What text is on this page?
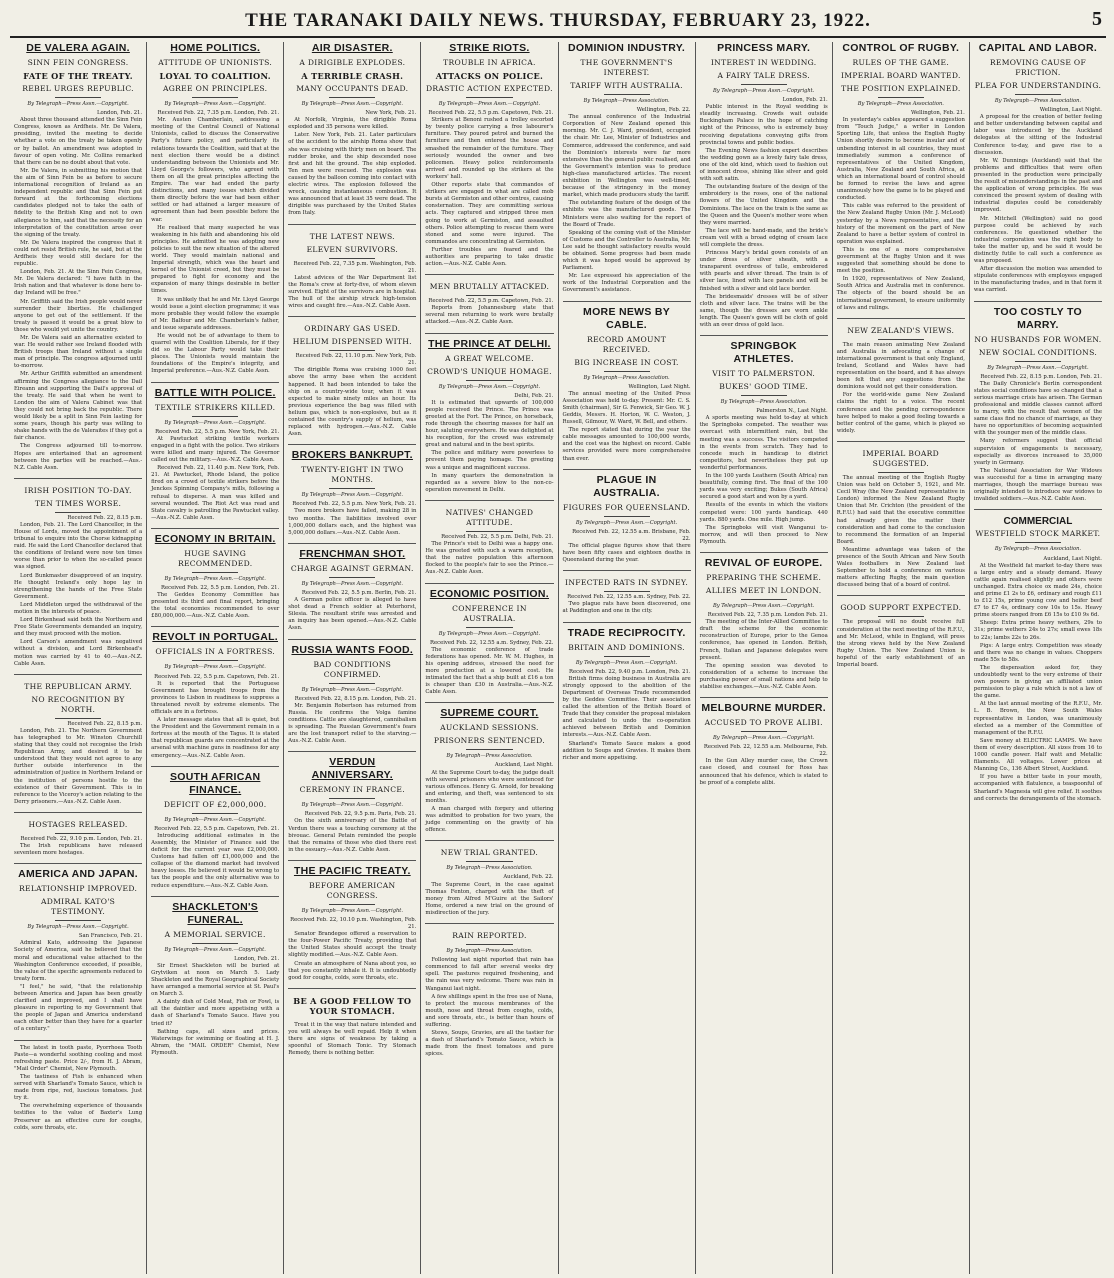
THE TARANAKI DAILY NEWS. THURSDAY, FEBRUARY 23, 1922.	5
DE VALERA AGAIN.
SINN FEIN CONGRESS.
FATE OF THE TREATY.
REBEL URGES REPUBLIC.
By Telegraph—Press Assn.—Copyright.
London, Feb. 21.

About three thousand attended the Sinn Fein Congress, known as Ardfheis. Mr. De Valera, presiding, invited the meeting to decide whether a vote on the treaty be taken openly or by ballot. An amendment was adopted in favour of open voting. Mr. Collins remarked that there can be no doubt about that vote.

Mr. De Valera, in submitting his motion that the aim of Sinn Fein be as before to secure international recognition of Ireland as an independent republic and that Sinn Fein put forward at the forthcoming elections candidates pledged not to take the oath of fidelity to the British King and not to own allegiance to him, said that the necessity for an interpretation of the constitution arose over the signing of the treaty.

Mr. De Valera inspired the congress that it could not resist British rule, he said, but at the Ardfheis they would still declare for the republic.

London, Feb. 21. At the Sinn Fein Congress, Mr. De Valera declared: "I have faith in the Irish nation and that whatever is done here to-day Ireland will be free."

Mr. Griffith said the Irish people would never surrender their liberties. He challenged anyone to get out of the settlement. If the treaty is passed it would be a great blow to those who would yet unite the country.

Mr. De Valera said an alternative existed to war. He would rather see Ireland flooded with British troops than Ireland without a single man of principle. The congress adjourned until to-morrow.

Mr. Arthur Griffith submitted an amendment affirming the Congress allegiance to the Dail Eireann and supporting the Dail's approval of the treaty. He said that when he went to London the aim of Valera Cabinet was that they could not bring back the republic. There would likely be a split in Sinn Fein lasting for some years, though his party was willing to shake hands with the de Valeraites if they got a fair chance.

The Congress adjourned till to-morrow. Hopes are entertained that an agreement between the parties will be reached.—Aus.-N.Z. Cable Assn.

IRISH POSITION TO-DAY.
TEN TIMES WORSE.
Received Feb. 22, 8.15 p.m.

London, Feb. 21. The Lord Chancellor, in the House of Lords, moved the appointment of a tribunal to enquire into the Chorse kidnapping raid. He said the Lord Chancellor declared that the conditions of Ireland were now ten times worse than prior to when the so-called peace was signed.

Lord Bunkmaster disapproved of an inquiry. He thought Ireland's only hope lay in strengthening the hands of the Free State Government.

Lord Middleton urged the withdrawal of the motion in the interests of peace.

Lord Birkenhead said both the Northern and Free State Governments demanded an inquiry, and they must proceed with the motion.

Lord Carson's amendment was negatived without a division, and Lord Birkenhead's motion was carried by 41 to 40.—Aus.-N.Z. Cable Assn.

THE REPUBLICAN ARMY.
NO RECOGNITION BY NORTH.
Received Feb. 22, 8.15 p.m.

London, Feb. 21. The Northern Government has telegraphed to Mr. Winston Churchill stating that they could not recognise the Irish Republican Army, and desired it to be understood that they would not agree to any further outside interference in the administration of justice in Northern Ireland or the institution of persons hostile to the existence of their Government. This is in reference to the Viceroy's action relating to the Derry prisoners.—Aus.-N.Z. Cable Assn.

HOSTAGES RELEASED.
Received Feb. 22, 9.10 p.m. London, Feb. 21.

The Irish republicans have released seventeen more hostages.

AMERICA AND JAPAN.
RELATIONSHIP IMPROVED.
ADMIRAL KATO'S TESTIMONY.
By Telegraph—Press Assn.—Copyright.
San Francisco, Feb. 21.

Admiral Kato, addressing the Japanese Society of America, said he believed that the moral and educational value attached to the Washington Conference exceeded, if possible, the value of the specific agreements reduced to treaty form.

"I feel," he said, "that the relationship between America and Japan has been greatly clarified and improved, and I shall have pleasure in reporting to my Government that the people of Japan and America understand each other better than they have for a quarter of a century."

The latest in tooth paste, Pyorrhoea Tooth Paste—a wonderful soothing cooling and most refreshing paste. Price 2/-, from H. J. Abram, "Mail Order" Chemist, New Plymouth.

The tastiness of Fish is enhanced when served with Sharland's Tomato Sauce, which is made from ripe, red, luscious tomatoes. Just try it.

The overwhelming experience of thousands testifies to the value of Baxter's Lung Preserver as an effective cure for coughs, colds, sore throats, etc.

HOME POLITICS.
ATTITUDE OF UNIONISTS.
LOYAL TO COALITION.
AGREE ON PRINCIPLES.
By Telegraph—Press Assn.—Copyright.
Received Feb. 22, 7.35 p.m. London, Feb. 21.

Mr. Austen Chamberlain, addressing a meeting of the Central Council of National Unionists, called to discuss the Conservative Party's future policy, and particularly its relations towards the Coalition, said that at the next election there would be a distinct understanding between the Unionists and Mr. Lloyd George's followers, who agreed with them on all the great principles affecting the Empire. The war had ended the party distinctions, and many issues which divided them directly before the war had been either settled or had attained a larger measure of agreement than had been possible before the war.

He realised that many suspected he was weakening in his faith and abandoning his old principles. He admitted he was adopting new policies to suit the new situation of the altered world. They would maintain national and Imperial strength, which was the heart and kernel of the Unionist creed, but they must be prepared to fight for economy and the expansion of many things desirable in better times.

It was unlikely that he and Mr. Lloyd George would issue a joint election programme; it was more probable they would follow the example of Mr. Balfour and Mr. Chamberlain's father, and issue separate addresses.

He would not be of advantage to them to quarrel with the Coalition Liberals, for if they did so the Labour Party would take their places. The Unionists would maintain the foundations of the Empire's integrity, and Imperial preference.—Aus.-N.Z. Cable Assn.

BATTLE WITH POLICE.
TEXTILE STRIKERS KILLED.
By Telegraph—Press Assn.—Copyright.
Received Feb. 22, 5.5 p.m. New York, Feb. 21.

At Pawtucket striking textile workers engaged in a fight with the police. Two strikers were killed and many injured. The Governor called out the military.—Aus.-N.Z. Cable Assn.

Received Feb. 22, 11.40 p.m. New York, Feb. 21. At Pawtucket, Rhode Island, the police fired on a crowd of textile strikers before the Jenckes Spinning Company's mills, following a refusal to disperse. A man was killed and several wounded. The Riot Act was read and State cavalry is patrolling the Pawtucket valley.—Aus.-N.Z. Cable Assn.

ECONOMY IN BRITAIN.
HUGE SAVING RECOMMENDED.
By Telegraph—Press Assn.—Copyright.
Received Feb. 22, 5.5 p.m. London, Feb. 21.

The Geddes Economy Committee has presented its third and final report, bringing the total economies recommended to over £80,000,000.—Aus.-N.Z. Cable Assn.

REVOLT IN PORTUGAL.
OFFICIALS IN A FORTRESS.
By Telegraph—Press Assn.—Copyright.
Received Feb. 22, 5.5 p.m. Capetown, Feb. 21.

It is reported that the Portuguese Government has brought troops from the provinces to Lisbon in readiness to suppress a threatened revolt by extreme elements. The officials are in a fortress.

A later message states that all is quiet, but the President and the Government remain in a fortress at the mouth of the Tagus. It is stated that republican guards are concentrated at the arsenal with machine guns in readiness for any emergency.—Aus.-N.Z. Cable Assn.

SOUTH AFRICAN FINANCE.
DEFICIT OF £2,000,000.
By Telegraph—Press Assn.—Copyright.
Received Feb. 22, 5.5 p.m. Capetown, Feb. 21.

Introducing additional estimates in the Assembly, the Minister of Finance said the deficit for the current year was £2,000,000. Customs had fallen off £1,000,000 and the collapse of the diamond market had involved heavy losses. He believed it would be wrong to tax the people and the only alternative was to reduce expenditure.—Aus.-N.Z. Cable Assn.

SHACKLETON'S FUNERAL.
A MEMORIAL SERVICE.
By Telegraph—Press Assn.—Copyright.
London, Feb. 21.

Sir Ernest Shackleton will be buried at Grytviken at noon on March 5. Lady Shackleton and the Royal Geographical Society have arranged a memorial service at St. Paul's on March 3.

A dainty dish of Cold Meat, Fish or Fowl, is all the daintier and more appetising with a dash of Sharland's Tomato Sauce. Have you tried it?

Bathing caps, all sizes and prices. Waterwings for swimming or floating at H. J. Abram, the "MAIL ORDER" Chemist, New Plymouth.

AIR DISASTER.
A DIRIGIBLE EXPLODES.
A TERRIBLE CRASH.
MANY OCCUPANTS DEAD.
By Telegraph—Press Assn.—Copyright.
New York, Feb. 21.

At Norfolk, Virginia, the dirigible Roma exploded and 35 persons were killed.

Later. New York, Feb. 21. Later particulars of the accident to the airship Roma show that she was cruising with thirty men on board. The rudder broke, and the ship descended nose first and hit the ground. The ship exploded. Ten men were rescued. The explosion was caused by the balloon coming into contact with electric wires. The explosion followed the wreck, causing instantaneous combustion. It was announced that at least 35 were dead. The dirigible was purchased by the United States from Italy.

THE LATEST NEWS.
ELEVEN SURVIVORS.
Received Feb. 22, 7.35 p.m. Washington, Feb. 21.

Latest advices of the War Department list the Roma's crew at forty-five, of whom eleven survived. Eight of the survivors are in hospital. The hull of the airship struck high-tension wires and caught fire.—Aus.-N.Z. Cable Assn.

ORDINARY GAS USED.
HELIUM DISPENSED WITH.
Received Feb. 22, 11.10 p.m. New York, Feb. 21.

The dirigible Roma was cruising 1000 feet above the army base when the accident happened. It had been intended to take the ship on a country-wide tour, when it was expected to make ninety miles an hour. Its previous experience the bag was filled with helium gas, which is non-explosive, but as it contained the country's supply of helium, was replaced with hydrogen.—Aus.-N.Z. Cable Assn.

BROKERS BANKRUPT.
TWENTY-EIGHT IN TWO MONTHS.
By Telegraph—Press Assn.—Copyright.
Received Feb. 22, 5.5 p.m. New York, Feb. 21.

Two more brokers have failed, making 28 in two months. The liabilities involved over 1,000,000 dollars each, and the highest was 5,000,000 dollars.—Aus.-N.Z. Cable Assn.

FRENCHMAN SHOT.
CHARGE AGAINST GERMAN.
By Telegraph—Press Assn.—Copyright.
Received Feb. 22, 5.5 p.m. Berlin, Feb. 21.

A German police officer is alleged to have shot dead a French soldier at Peterhorst, Silesia. The resultant strife was arrested and an inquiry has been opened.—Aus.-N.Z. Cable Assn.

RUSSIA WANTS FOOD.
BAD CONDITIONS CONFIRMED.
By Telegraph—Press Assn.—Copyright.
Received Feb. 22, 8.15 p.m. London, Feb. 21.

Mr. Benjamin Robertson has returned from Russia. He confirms the Volga famine conditions. Cattle are slaughtered, cannibalism is spreading. The Russian Government's fears are the lost transport relief to the starving.—Aus.-N.Z. Cable Assn.

VERDUN ANNIVERSARY.
CEREMONY IN FRANCE.
By Telegraph—Press Assn.—Copyright.
Received Feb. 22, 9.5 p.m. Paris, Feb. 21.

On the sixth anniversary of the Battle of Verdun there was a touching ceremony at the bivouac. General Petain reminded the people that the remains of those who died there rest in the ossuary.—Aus.-N.Z. Cable Assn.

THE PACIFIC TREATY.
BEFORE AMERICAN CONGRESS.
By Telegraph—Press Assn.—Copyright.
Received Feb. 22, 10.10 p.m. Washington, Feb. 21.

Senator Brandegee offered a reservation to the four-Power Pacific Treaty, providing that the United States should accept the treaty slightly modified.—Aus.-N.Z. Cable Assn.

Create an atmosphere of Nana about you, so that you constantly inhale it. It is undoubtedly good for coughs, colds, sore throats, etc.

BE A GOOD FELLOW TO YOUR STOMACH.

Treat it in the way that nature intended and you will always be well repaid. Help it when there are signs of weakness by taking a spoonful of Stomach Tonic. Try Stomach Remedy, there is nothing better.

STRIKE RIOTS.
TROUBLE IN AFRICA.
ATTACKS ON POLICE.
DRASTIC ACTION EXPECTED.
By Telegraph—Press Assn.—Copyright.
Received Feb. 22, 5.5 p.m. Capetown, Feb. 21.

Strikers at Benoni rushed a trolley escorted by twenty police carrying a free labourer's furniture. They poured petrol and burned the furniture and then entered the house and smashed the remainder of the furniture. They seriously wounded the owner and two policemen. Heavy police reinforcements arrived and rounded up the strikers at the workers' hall.

Other reports state that commandos of strikers are engaged in what are called mob bursts at Germiston and other centres, causing consternation. They are committing serious acts. They captured and stripped three men going to work at Germiston, and assaulted others. Police attempting to rescue them were stoned and some were injured. The commandos are concentrating at Germiston.

Further troubles are feared and the authorities are preparing to take drastic action.—Aus.-N.Z. Cable Assn.

MEN BRUTALLY ATTACKED.
Received Feb. 22, 5.5 p.m. Capetown, Feb. 21.

Reports from Johannesburg state that several men returning to work were brutally attacked.—Aus.-N.Z. Cable Assn.

THE PRINCE AT DELHI.
A GREAT WELCOME.
CROWD'S UNIQUE HOMAGE.
By Telegraph—Press Assn.—Copyright.
Delhi, Feb. 21.

It is estimated that upwards of 100,000 people received the Prince. The Prince was greeted at the Fort. The Prince, on horseback, rode through the cheering masses for half an hour, saluting everywhere. He was delighted at his reception, for the crowd was extremely great and natural and in the best spirits.

The police and military were powerless to prevent them paying homage. The greeting was a unique and magnificent success.

In many quarters the demonstration is regarded as a severe blow to the non-co-operation movement in Delhi.

NATIVES' CHANGED ATTITUDE.
Received Feb. 22, 5.5 p.m. Delhi, Feb. 21.

The Prince's visit to Delhi was a happy one. He was greeted with such a warm reception, that the native population this afternoon flocked to the people's fair to see the Prince.—Aus.-N.Z. Cable Assn.

ECONOMIC POSITION.
CONFERENCE IN AUSTRALIA.
By Telegraph—Press Assn.—Copyright.
Received Feb. 22, 12.55 a.m. Sydney, Feb. 22.

The economic conference of trade federations has opened. Mr. W. M. Hughes, in his opening address, stressed the need for more production at a lowered cost. He intimated the fact that a ship built at £16 a ton is cheaper than £30 in Australia.—Aus.-N.Z. Cable Assn.

SUPREME COURT.
AUCKLAND SESSIONS.
PRISONERS SENTENCED.
By Telegraph—Press Association.
Auckland, Last Night.

At the Supreme Court to-day, the judge dealt with several prisoners who were sentenced for various offences. Henry G. Arnold, for breaking and entering, and theft, was sentenced to six months.

A man charged with forgery and uttering was admitted to probation for two years, the judge commenting on the gravity of his offence.

NEW TRIAL GRANTED.
By Telegraph—Press Association.
Auckland, Feb. 22.

The Supreme Court, in the case against Thomas Fenton, charged with the theft of money from Alfred M'Guire at the Sailors' Home, ordered a new trial on the ground of misdirection of the jury.

RAIN REPORTED.
By Telegraph—Press Association.

Following last night reported that rain has commenced to fall after several weeks dry spell. The pastures required freshening, and the rain was very welcome. There was rain in Wanganui last night.

A few shillings spent in the free use of Nana, to protect the mucous membranes of the mouth, nose and throat from coughs, colds, and sore throats, etc., is better than hours of suffering.

Stews, Soups, Gravies, are all the tastier for a dash of Sharland's Tomato Sauce, which is made from the finest tomatoes and pure spices.

DOMINION INDUSTRY.
THE GOVERNMENT'S INTEREST.
TARIFF WITH AUSTRALIA.
By Telegraph—Press Association.
Wellington, Feb. 22.

The annual conference of the Industrial Corporation of New Zealand opened this morning. Mr. C. J. Ward, president, occupied the chair. Mr. Lee, Minister of Industries and Commerce, addressed the conference, and said the Dominion's interests were far more extensive than the general public realised, and the Government's intention was to produce high-class manufactured articles. The recent exhibition in Wellington was well-timed, because of the stringency in the money market, which made producers study the tariff.

The outstanding feature of the design of the exhibits was the manufactured goods. The Ministers were also waiting for the report of the Board of Trade.

Speaking of the coming visit of the Minister of Customs and the Controller to Australia, Mr. Lee said he thought satisfactory results would be obtained. Some progress had been made which it was hoped would be approved by Parliament.

Mr. Lee expressed his appreciation of the work of the Industrial Corporation and the Government's assistance.

MORE NEWS BY CABLE.
RECORD AMOUNT RECEIVED.
BIG INCREASE IN COST.
By Telegraph—Press Association.
Wellington, Last Night.

The annual meeting of the United Press Association was held to-day. Present: Mr. C. S. Smith (chairman), Sir G. Fenwick, Sir Geo. W. J. Geddis, Messrs. H. Horton, W. C. Weston, J. Russell, Gilmour, W. Ward, W. Bell, and others.

The report stated that during the year the cable messages amounted to 100,000 words, and the cost was the highest on record. Cable services provided were more comprehensive than ever.

PLAGUE IN AUSTRALIA.
FIGURES FOR QUEENSLAND.
By Telegraph—Press Assn.—Copyright.
Received Feb. 22, 12.55 a.m. Brisbane, Feb. 22.

The official plague figures show that there have been fifty cases and eighteen deaths in Queensland during the year.

INFECTED RATS IN SYDNEY.
Received Feb. 22, 12.55 a.m. Sydney, Feb. 22.

Two plague rats have been discovered, one at Paddington and one in the city.

TRADE RECIPROCITY.
BRITAIN AND DOMINIONS.
By Telegraph—Press Assn.—Copyright.
Received Feb. 22, 9.40 p.m. London, Feb. 21.

British firms doing business in Australia are strongly opposed to the abolition of the Department of Overseas Trade recommended by the Geddes Committee. Their association called the attention of the British Board of Trade that they consider the proposal mistaken and calculated to undo the co-operation achieved between British and Dominion interests.—Aus.-N.Z. Cable Assn.

Sharland's Tomato Sauce makes a good addition to Soups and Gravies. It makes them richer and more appetising.

PRINCESS MARY.
INTEREST IN WEDDING.
A FAIRY TALE DRESS.
By Telegraph—Press Assn.—Copyright.
London, Feb. 21.

Public interest in the Royal wedding is steadily increasing. Crowds wait outside Buckingham Palace in the hope of catching sight of the Princess, who is extremely busy receiving deputations conveying gifts from provincial towns and public bodies.

The Evening News fashion expert describes the wedding gown as a lovely fairy tale dress, one of the old kind, which used to fashion out of innocent dress, shining like silver and gold with soft satin.

The outstanding feature of the design of the embroidery is the roses, one of the national flowers of the United Kingdom and the Dominions. The lace on the train is the same as the Queen and the Queen's mother wore when they were married.

The lace will be hand-made, and the bride's cream veil with a broad edging of cream lace will complete the dress.

Princess Mary's bridal gown consists of an under dress of silver sheath, with a transparent overdress of tulle, embroidered with pearls and silver thread. The train is of silver lace, lined with lace panels and will be finished with a silver and old lace border.

The bridesmaids' dresses will be of silver cloth and silver lace. The trains will be the same, though the dresses are worn ankle length. The Queen's gown will be cloth of gold with an over dress of gold lace.

SPRINGBOK ATHLETES.
VISIT TO PALMERSTON.
BUKES' GOOD TIME.
By Telegraph—Press Association.
Palmerston N., Last Night.

A sports meeting was held to-day at which the Springboks competed. The weather was overcast with intermittent rain, but the meeting was a success. The visitors competed in the events from scratch. They had to concede much in handicap to district competitors, but nevertheless they put up wonderful performances.

In the 100 yards Leathern (South Africa) ran beautifully, coming first. The final of the 100 yards was very exciting; Bukes (South Africa) secured a good start and won by a yard.

Results of the events in which the visitors competed were: 100 yards handicap. 440 yards. 880 yards. One mile. High jump.

The Springboks will visit Wanganui to-morrow, and will then proceed to New Plymouth.

REVIVAL OF EUROPE.
PREPARING THE SCHEME.
ALLIES MEET IN LONDON.
By Telegraph—Press Assn.—Copyright.
Received Feb. 22, 7.35 p.m. London Feb. 21.

The meeting of the Inter-Allied Committee to draft the scheme for the economic reconstruction of Europe, prior to the Genoa conference, has opened in London. British, French, Italian and Japanese delegates were present.

The opening session was devoted to consideration of a scheme to increase the purchasing power of small nations and help to stabilise exchanges.—Aus.-N.Z. Cable Assn.

MELBOURNE MURDER.
ACCUSED TO PROVE ALIBI.
By Telegraph—Press Assn.—Copyright.
Received Feb. 22, 12.55 a.m. Melbourne, Feb. 22.

In the Gun Alley murder case, the Crown case closed, and counsel for Ross has announced that his defence, which is stated to be proof of a complete alibi.

CONTROL OF RUGBY.
RULES OF THE GAME.
IMPERIAL BOARD WANTED.
THE POSITION EXPLAINED.
By Telegraph—Press Association.
Wellington, Feb. 21.

In yesterday's cables appeared a suggestion from "Touch Judge," a writer in London Sporting Life, that unless the English Rugby Union shortly desire to become insular and of unbending interest in all countries, they must immediately summon a conference of representatives of the United Kingdom, Australia, New Zealand and South Africa, at which an international board of control should be formed to revise the laws and agree unanimously how the game is to be played and conducted.

This cable was referred to the president of the New Zealand Rugby Union (Mr. J. McLeod) yesterday by a News representative, and the history of the movement on the part of New Zealand to have a better system of control in operation was explained.

This is one of a more comprehensive government at the Rugby Union and it was suggested that something should be done to meet the position.

In 1920, representatives of New Zealand, South Africa and Australia met in conference. The objects of the board should be an international government, to ensure uniformity of laws and rulings.

NEW ZEALAND'S VIEWS.

The main reason animating New Zealand and Australia in advocating a change of international government is that only England, Ireland, Scotland and Wales have had representation on the board, and it has always been felt that any suggestions from the dominions would not get their consideration.

For the world-wide game New Zealand claims the right to a voice. The recent conference and the pending correspondence have helped to make a good feeling towards a better control of the game, which is played so widely.

IMPERIAL BOARD SUGGESTED.

The annual meeting of the English Rugby Union was held on October 5, 1921, and Mr. Cecil Wray (the New Zealand representative in London) informed the New Zealand Rugby Union that Mr. Crichton (the president of the R.F.U.) had said that the executive committee had already given the matter their consideration and had come to the conclusion to recommend the formation of an Imperial Board.

Meantime advantage was taken of the presence of the South African and New South Wales footballers in New Zealand last September to hold a conference on various matters affecting Rugby, the main question discussed being that of a board of control.

GOOD SUPPORT EXPECTED.

The proposal will no doubt receive full consideration at the next meeting of the R.F.U., and Mr. McLeod, while in England, will press the strong views held by the New Zealand Rugby Union. The New Zealand Union is hopeful of the early establishment of an Imperial board.

CAPITAL AND LABOR.
REMOVING CAUSE OF FRICTION.
PLEA FOR UNDERSTANDING.
By Telegraph—Press Association.
Wellington, Last Night.

A proposal for the creation of better feeling and better understanding between capital and labor was introduced by the Auckland delegates at the sitting of the Industrial Conference to-day, and gave rise to a discussion.

Mr. W. Dunnings (Auckland) said that the problems and difficulties that were often presented in the production were principally the result of misunderstandings in the past and the application of wrong principles. He was convinced the present system of dealing with industrial disputes could be considerably improved.

Mr. Mitchell (Wellington) said no good purpose could be achieved by such conferences. He questioned whether the industrial corporation was the right body to take the matter up, and he said it would be distinctly futile to call such a conference as was proposed.

After discussion the motion was amended to stipulate conferences with employees engaged in the manufacturing trades, and in that form it was carried.

TOO COSTLY TO MARRY.
NO HUSBANDS FOR WOMEN.
NEW SOCIAL CONDITIONS.
By Telegraph—Press Assn.—Copyright.
Received Feb. 22, 8.15 p.m. London, Feb. 21.

The Daily Chronicle's Berlin correspondent states social conditions have so changed that a serious marriage crisis has arisen. The German professional and middle classes cannot afford to marry, with the result that women of the same class find no chance of marriage, as they have no opportunities of becoming acquainted with the younger men of the middle class.

Many reformers suggest that official supervision of engagements is necessary, especially as divorces increased to 35,000 yearly in Germany.

The National Association for War Widows was successful for a time in arranging many marriages, though the marriage bureau was originally intended to introduce war widows to invalided soldiers.—Aus.-N.Z. Cable Assn.

COMMERCIAL
WESTFIELD STOCK MARKET.
By Telegraph—Press Association.
Auckland, Last Night.

At the Westfield fat market to-day there was a large entry and a steady demand. Heavy cattle again realised slightly and others were unchanged. Extra choice ox made 24s, choice and prime £1 2s to £6, ordinary and rough £11 to £12 15s, prime young cow and heifer beef £7 to £7 4s, ordinary cow 10s to 15s. Heavy prime steers ranged from £6 15s to £10 9s 6d.

Sheep: Extra prime heavy wethers, 29s to 31s; prime wethers 24s to 27s; small ewes 18s to 22s; lambs 22s to 26s.

Pigs: A large entry. Competition was steady and there was no change in values. Choppers made 55s to 58s.

The dispensation asked for, they undoubtedly went to the very extreme of their own powers in giving an affiliated union permission to play a rule which is not a law of the game.

At the last annual meeting of the R.F.U., Mr. L. B. Brown, the New South Wales representative in London, was unanimously elected as a member of the Committee of management of the R.F.U.

Save money at ELECTRIC LAMPS. We have them of every description. All sizes from 16 to 1000 candle power. Half watt and Metallic filaments. All voltages. Lower prices at Manning Co., 136 Albert Street, Auckland.

If you have a bitter taste in your mouth, accompanied with flatulence, a teaspoonful of Sharland's Magnesia will give relief. It soothes and corrects the derangements of the stomach.
